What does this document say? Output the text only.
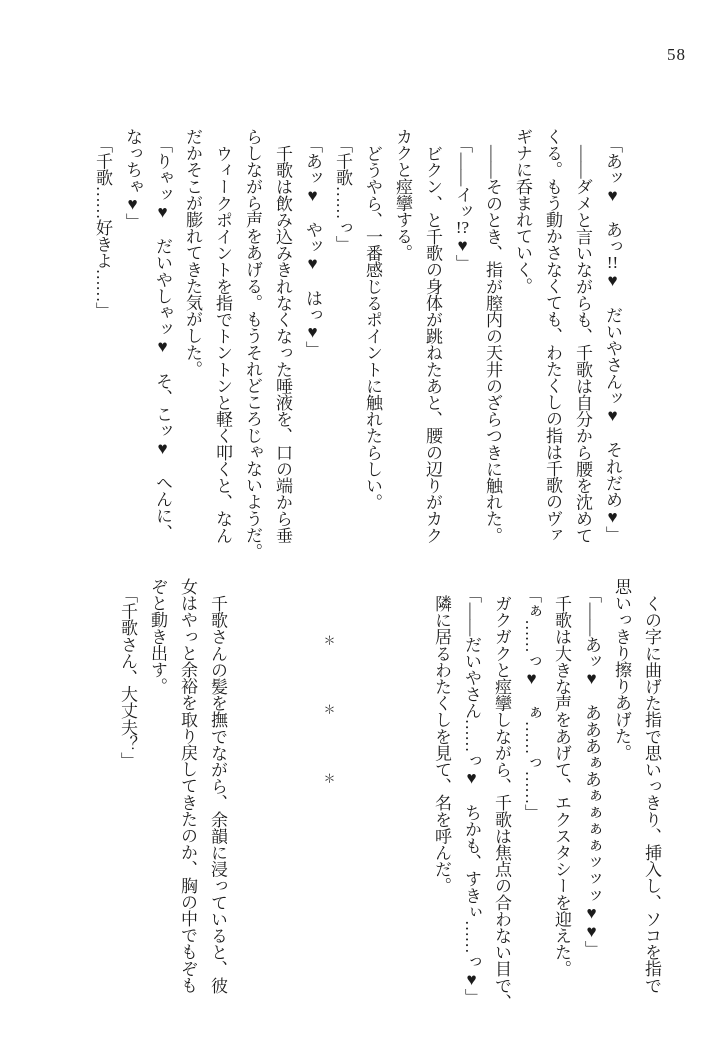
58
「あッ♥　あっ!!♥　だいやさんッ♥　それだめ♥」
——ダメと言いながらも、千歌は自分から腰を沈めて
くる。もう動かさなくても、わたくしの指は千歌のヴァ
ギナに呑まれていく。
——そのとき、指が膣内の天井のざらつきに触れた。
「——イッ!?♥」
ビクン、と千歌の身体が跳ねたあと、腰の辺りがカク
カクと痙攣する。
どうやら、一番感じるポイントに触れたらしい。
「千歌……っ」
「あッ♥　やッ♥　はっ♥」
千歌は飲み込みきれなくなった唾液を、口の端から垂
らしながら声をあげる。もうそれどころじゃないようだ。
ウィークポイントを指でトントンと軽く叩くと、なん
だかそこが膨れてきた気がした。
「りゃッ♥　だいやしゃッ♥　そ、こッ♥　へんに、
なっちゃ♥」
「千歌……好きよ……」
くの字に曲げた指で思いっきり、挿入し、ソコを指で
思いっきり擦りあげた。
「——あッ♥　あああぁあぁぁぁぁッッッ♥♥」
千歌は大きな声をあげて、エクスタシーを迎えた。
「ぁ……っ♥　ぁ……っ……」
ガクガクと痙攣しながら、千歌は焦点の合わない目で、
「——だいやさん……っ♥　ちかも、すきぃ……っ♥」
隣に居るわたくしを見て、名を呼んだ。
＊＊＊
千歌さんの髪を撫でながら、余韻に浸っていると、彼
女はやっと余裕を取り戻してきたのか、胸の中でもぞも
ぞと動き出す。
「千歌さん、大丈夫？」
